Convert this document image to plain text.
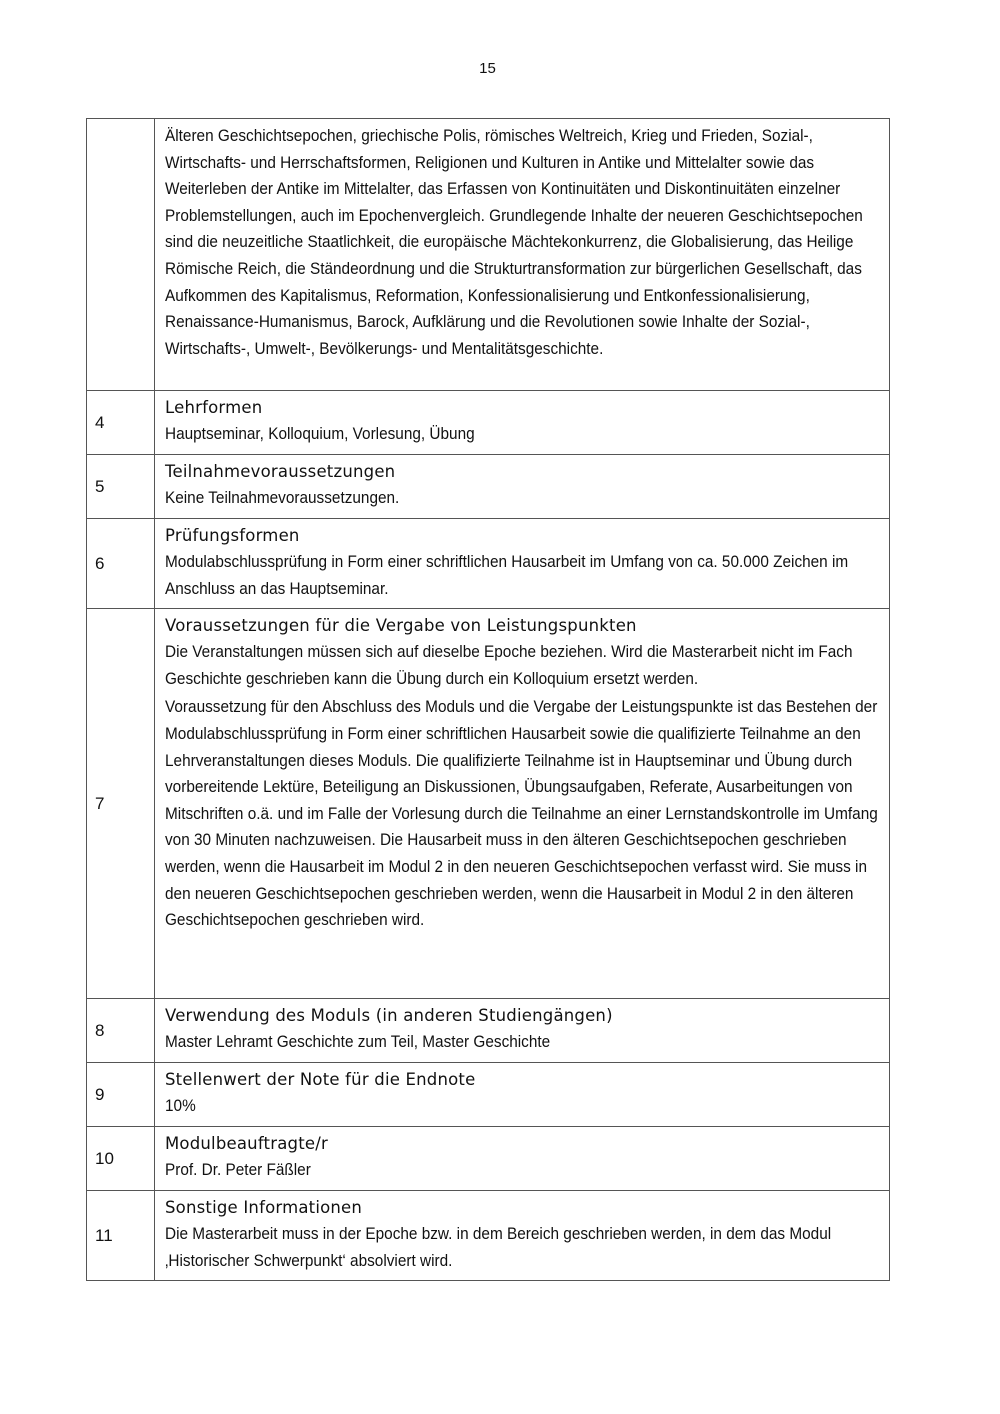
15

	Älteren Geschichtsepochen, griechische Polis, römisches Weltreich, Krieg und Frieden, Sozial-, Wirtschafts- und Herrschaftsformen, Religionen und Kulturen in Antike und Mittelalter sowie das Weiterleben der Antike im Mittelalter, das Erfassen von Kontinuitäten und Diskontinuitäten einzelner Problemstellungen, auch im Epochenvergleich. Grundlegende Inhalte der neueren Geschichtsepochen sind die neuzeitliche Staatlichkeit, die europäische Mächtekonkurrenz, die Globalisierung, das Heilige Römische Reich, die Ständeordnung und die Strukturtransformation zur bürgerlichen Gesellschaft, das Aufkommen des Kapitalismus, Reformation, Konfessionalisierung und Entkonfessionalisierung, Renaissance-Humanismus, Barock, Aufklärung und die Revolutionen sowie Inhalte der Sozial-, Wirtschafts-, Umwelt-, Bevölkerungs- und Mentalitätsgeschichte.

4	Lehrformen
Hauptseminar, Kolloquium, Vorlesung, Übung

5	Teilnahmevoraussetzungen
Keine Teilnahmevoraussetzungen.

6	Prüfungsformen
Modulabschlussprüfung in Form einer schriftlichen Hausarbeit im Umfang von ca. 50.000 Zeichen im Anschluss an das Hauptseminar.

7	Voraussetzungen für die Vergabe von Leistungspunkten
Die Veranstaltungen müssen sich auf dieselbe Epoche beziehen. Wird die Masterarbeit nicht im Fach Geschichte geschrieben kann die Übung durch ein Kolloquium ersetzt werden.
Voraussetzung für den Abschluss des Moduls und die Vergabe der Leistungspunkte ist das Bestehen der Modulabschlussprüfung in Form einer schriftlichen Hausarbeit sowie die qualifizierte Teilnahme an den Lehrveranstaltungen dieses Moduls. Die qualifizierte Teilnahme ist in Hauptseminar und Übung durch vorbereitende Lektüre, Beteiligung an Diskussionen, Übungsaufgaben, Referate, Ausarbeitungen von Mitschriften o.ä. und im Falle der Vorlesung durch die Teilnahme an einer Lernstandskontrolle im Umfang von 30 Minuten nachzuweisen. Die Hausarbeit muss in den älteren Geschichtsepochen geschrieben werden, wenn die Hausarbeit im Modul 2 in den neueren Geschichtsepochen verfasst wird. Sie muss in den neueren Geschichtsepochen geschrieben werden, wenn die Hausarbeit in Modul 2 in den älteren Geschichtsepochen geschrieben wird.

8	Verwendung des Moduls (in anderen Studiengängen)
Master Lehramt Geschichte zum Teil, Master Geschichte

9	Stellenwert der Note für die Endnote
10%

10	Modulbeauftragte/r
Prof. Dr. Peter Fäßler

11	Sonstige Informationen
Die Masterarbeit muss in der Epoche bzw. in dem Bereich geschrieben werden, in dem das Modul ‚Historischer Schwerpunkt‘ absolviert wird.
